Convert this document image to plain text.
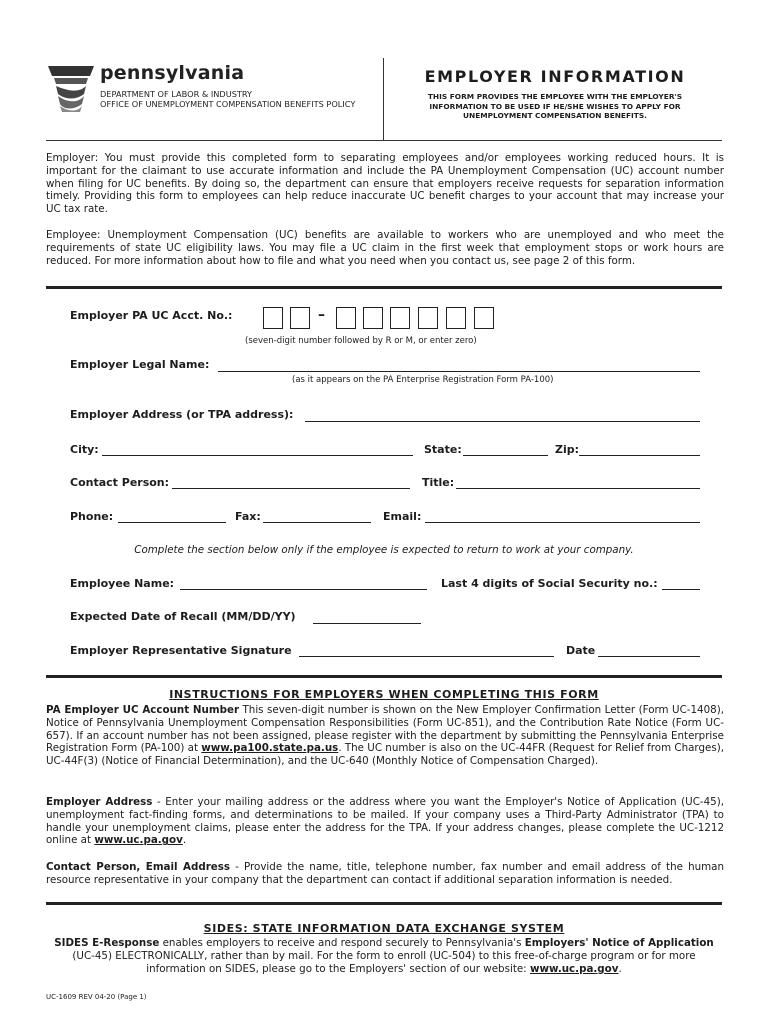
pennsylvania
DEPARTMENT OF LABOR & INDUSTRY
OFFICE OF UNEMPLOYMENT COMPENSATION BENEFITS POLICY
EMPLOYER INFORMATION
THIS FORM PROVIDES THE EMPLOYEE WITH THE EMPLOYER'S INFORMATION TO BE USED IF HE/SHE WISHES TO APPLY FOR UNEMPLOYMENT COMPENSATION BENEFITS.
Employer: You must provide this completed form to separating employees and/or employees working reduced hours. It is important for the claimant to use accurate information and include the PA Unemployment Compensation (UC) account number when filing for UC benefits. By doing so, the department can ensure that employers receive requests for separation information timely. Providing this form to employees can help reduce inaccurate UC benefit charges to your account that may increase your UC tax rate.
Employee: Unemployment Compensation (UC) benefits are available to workers who are unemployed and who meet the requirements of state UC eligibility laws. You may file a UC claim in the first week that employment stops or work hours are reduced. For more information about how to file and what you need when you contact us, see page 2 of this form.
Employer PA UC Acct. No.:	–
(seven-digit number followed by R or M, or enter zero)
Employer Legal Name:
(as it appears on the PA Enterprise Registration Form PA-100)
Employer Address (or TPA address):
City:	State:	Zip:
Contact Person:	Title:
Phone:	Fax:	Email:
Complete the section below only if the employee is expected to return to work at your company.
Employee Name:	Last 4 digits of Social Security no.:
Expected Date of Recall (MM/DD/YY)
Employer Representative Signature	Date
INSTRUCTIONS FOR EMPLOYERS WHEN COMPLETING THIS FORM
PA Employer UC Account Number This seven-digit number is shown on the New Employer Confirmation Letter (Form UC-1408), Notice of Pennsylvania Unemployment Compensation Responsibilities (Form UC-851), and the Contribution Rate Notice (Form UC-657). If an account number has not been assigned, please register with the department by submitting the Pennsylvania Enterprise Registration Form (PA-100) at www.pa100.state.pa.us. The UC number is also on the UC-44FR (Request for Relief from Charges), UC-44F(3) (Notice of Financial Determination), and the UC-640 (Monthly Notice of Compensation Charged).
Employer Address - Enter your mailing address or the address where you want the Employer's Notice of Application (UC-45), unemployment fact-finding forms, and determinations to be mailed. If your company uses a Third-Party Administrator (TPA) to handle your unemployment claims, please enter the address for the TPA. If your address changes, please complete the UC-1212 online at www.uc.pa.gov.
Contact Person, Email Address - Provide the name, title, telephone number, fax number and email address of the human resource representative in your company that the department can contact if additional separation information is needed.
SIDES: STATE INFORMATION DATA EXCHANGE SYSTEM
SIDES E-Response enables employers to receive and respond securely to Pennsylvania's Employers' Notice of Application (UC-45) ELECTRONICALLY, rather than by mail. For the form to enroll (UC-504) to this free-of-charge program or for more information on SIDES, please go to the Employers' section of our website: www.uc.pa.gov.
UC-1609 REV 04-20 (Page 1)
